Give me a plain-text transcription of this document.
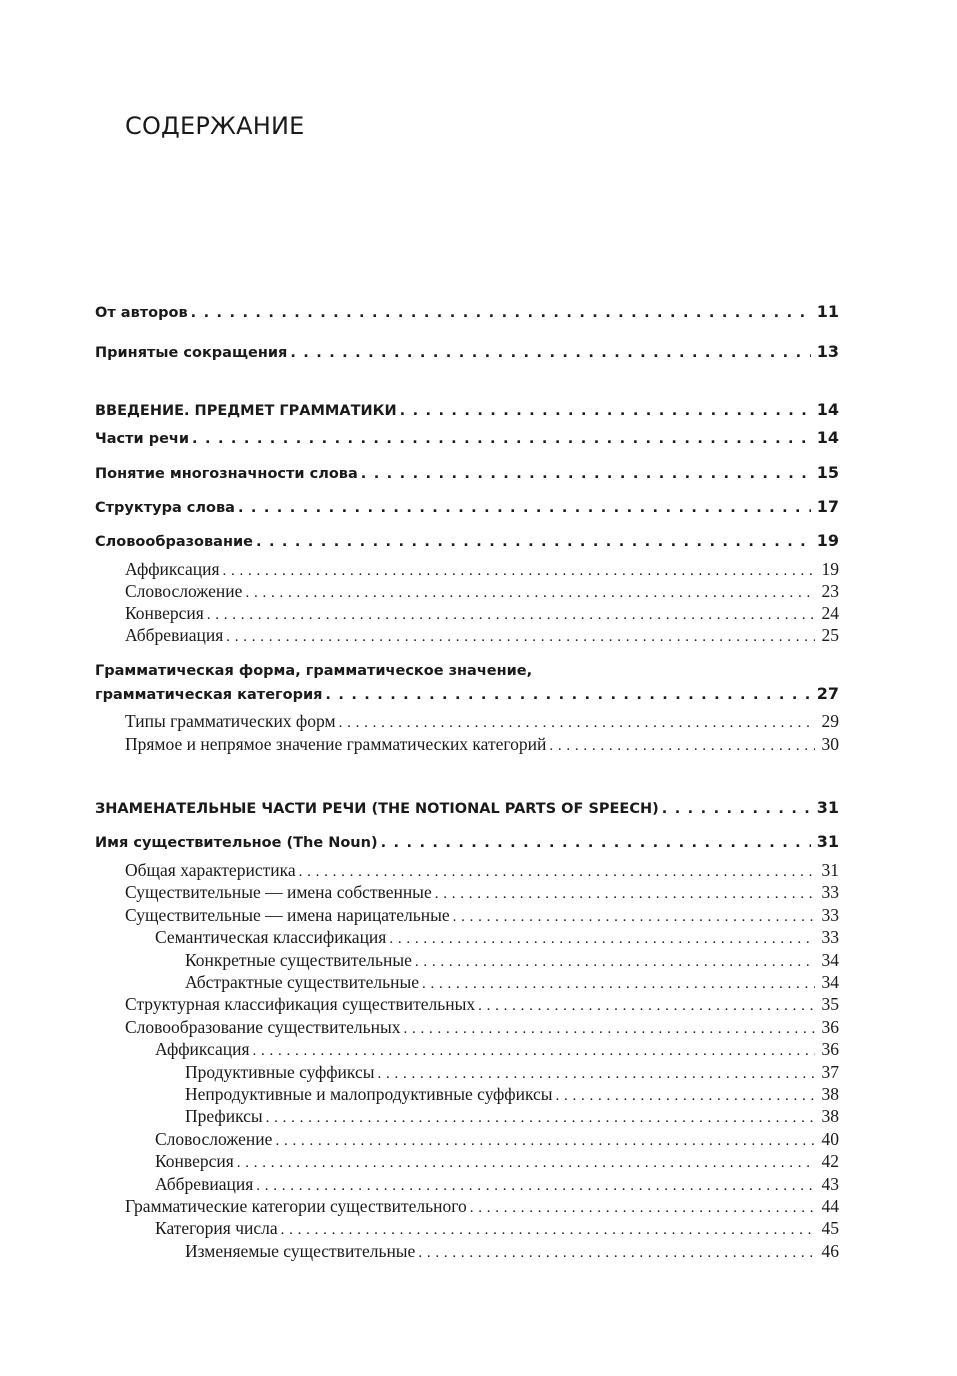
СОДЕРЖАНИЕ
От авторов . . .	11
Принятые сокращения . . .	13
ВВЕДЕНИЕ. ПРЕДМЕТ ГРАММАТИКИ . . .	14
Части речи . . .	14
Понятие многозначности слова . . .	15
Структура слова . . .	17
Словообразование . . .	19
Аффиксация . . .	19
Словосложение . . .	23
Конверсия . . .	24
Аббревиация . . .	25
Грамматическая форма, грамматическое значение,
грамматическая категория . . .	27
Типы грамматических форм . . .	29
Прямое и непрямое значение грамматических категорий . . .	30
ЗНАМЕНАТЕЛЬНЫЕ ЧАСТИ РЕЧИ (THE NOTIONAL PARTS OF SPEECH) . . .	31
Имя существительное (The Noun) . . .	31
Общая характеристика . . .	31
Существительные — имена собственные . . .	33
Существительные — имена нарицательные . . .	33
Семантическая классификация . . .	33
Конкретные существительные . . .	34
Абстрактные существительные . . .	34
Структурная классификация существительных . . .	35
Словообразование существительных . . .	36
Аффиксация . . .	36
Продуктивные суффиксы . . .	37
Непродуктивные и малопродуктивные суффиксы . . .	38
Префиксы . . .	38
Словосложение . . .	40
Конверсия . . .	42
Аббревиация . . .	43
Грамматические категории существительного . . .	44
Категория числа . . .	45
Изменяемые существительные . . .	46
